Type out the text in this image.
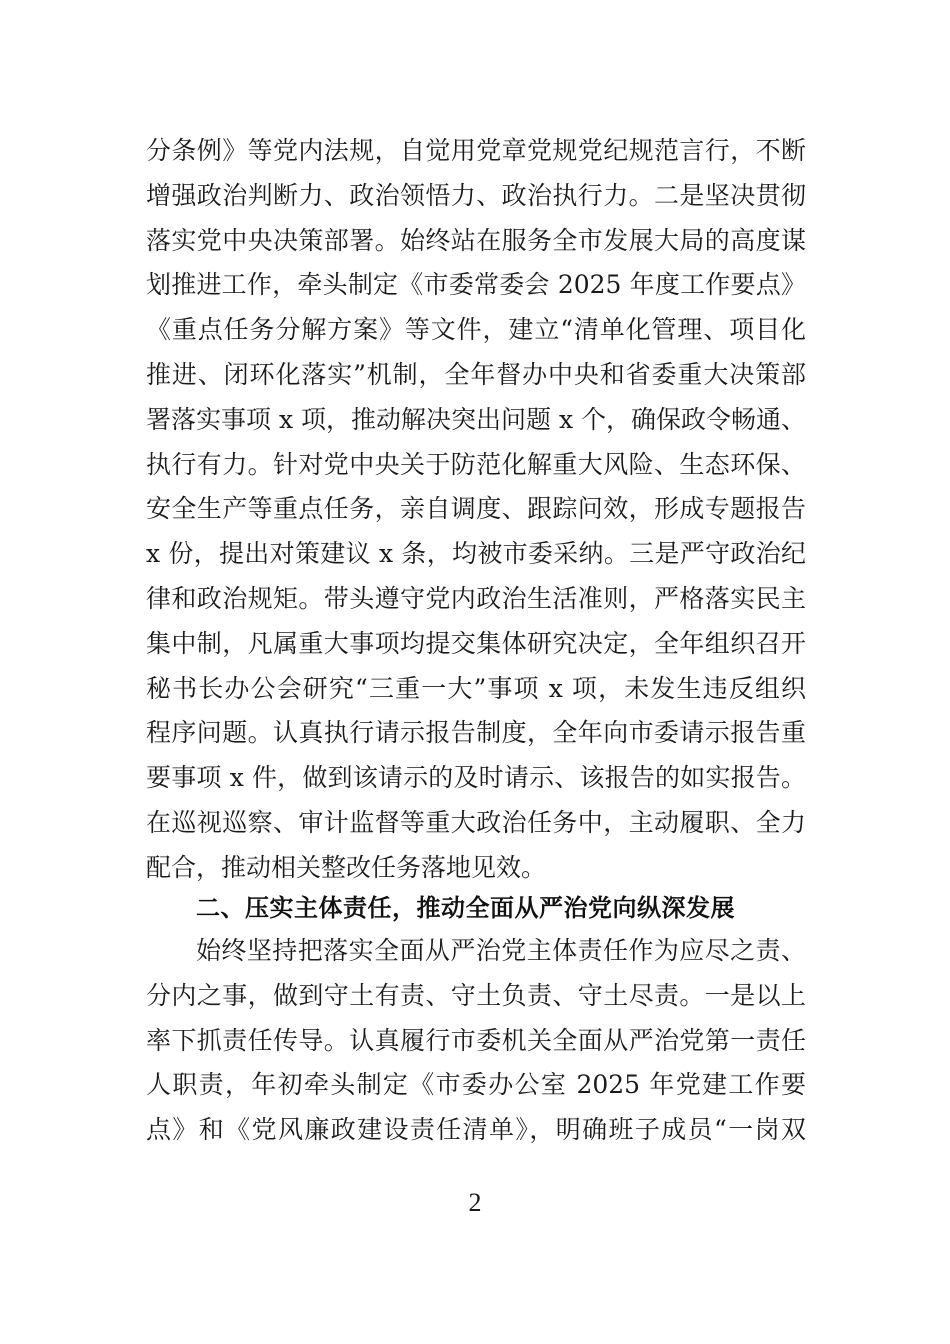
分条例》等党内法规，自觉用党章党规党纪规范言行，不断
增强政治判断力、政治领悟力、政治执行力。二是坚决贯彻
落实党中央决策部署。始终站在服务全市发展大局的高度谋
划推进工作，牵头制定《市委常委会 2025 年度工作要点》
《重点任务分解方案》等文件，建立“清单化管理、项目化
推进、闭环化落实”机制，全年督办中央和省委重大决策部
署落实事项 x 项，推动解决突出问题 x 个，确保政令畅通、
执行有力。针对党中央关于防范化解重大风险、生态环保、
安全生产等重点任务，亲自调度、跟踪问效，形成专题报告
x 份，提出对策建议 x 条，均被市委采纳。三是严守政治纪
律和政治规矩。带头遵守党内政治生活准则，严格落实民主
集中制，凡属重大事项均提交集体研究决定，全年组织召开
秘书长办公会研究“三重一大”事项 x 项，未发生违反组织
程序问题。认真执行请示报告制度，全年向市委请示报告重
要事项 x 件，做到该请示的及时请示、该报告的如实报告。
在巡视巡察、审计监督等重大政治任务中，主动履职、全力
配合，推动相关整改任务落地见效。
二、压实主体责任，推动全面从严治党向纵深发展
始终坚持把落实全面从严治党主体责任作为应尽之责、
分内之事，做到守土有责、守土负责、守土尽责。一是以上
率下抓责任传导。认真履行市委机关全面从严治党第一责任
人职责，年初牵头制定《市委办公室 2025 年党建工作要
点》和《党风廉政建设责任清单》，明确班子成员“一岗双
2
